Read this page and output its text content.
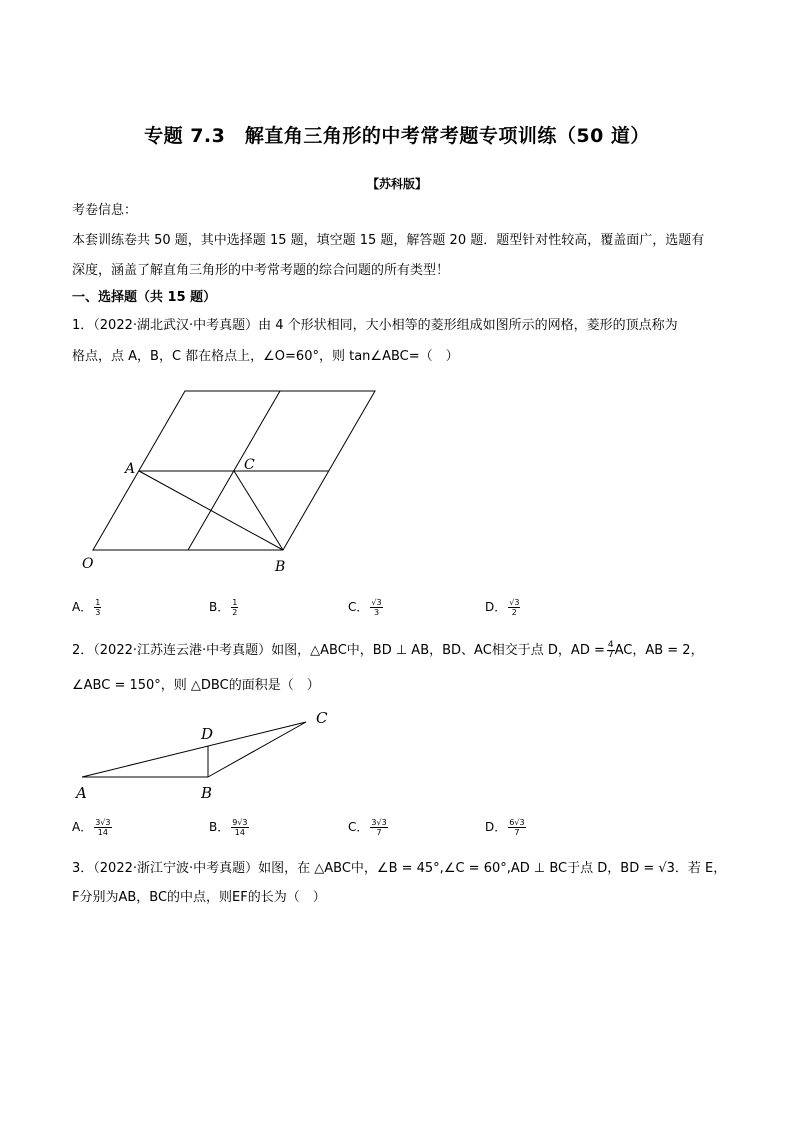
专题 7.3　解直角三角形的中考常考题专项训练（50 道）
【苏科版】
考卷信息：
本套训练卷共 50 题，其中选择题 15 题，填空题 15 题，解答题 20 题．题型针对性较高，覆盖面广，选题有
深度，涵盖了解直角三角形的中考常考题的综合问题的所有类型！
一、选择题（共 15 题）
1．（2022·湖北武汉·中考真题）由 4 个形状相同，大小相等的菱形组成如图所示的网格，菱形的顶点称为
格点，点 A，B，C 都在格点上，∠O=60°，则 tan∠ABC=（　）
A	C
O	B
A． $\frac{1}{3}$	B． $\frac{1}{2}$	C． $\frac{√3}{3}$	D． $\frac{√3}{2}$
2．（2022·江苏连云港·中考真题）如图，△ABC中，BD ⊥ AB，BD、AC相交于点 D，AD = $\frac{4}{7}$ AC，AB = 2，
∠ABC = 150°，则 △DBC的面积是（　）
A	B
C
D
A． $\frac{3√3}{14}$	B． $\frac{9√3}{14}$	C． $\frac{3√3}{7}$	D． $\frac{6√3}{7}$
3．（2022·浙江宁波·中考真题）如图，在 △ABC中，∠B = 45°,∠C = 60°,AD ⊥ BC于点 D，BD = √3．若 E，
F分别为AB，BC的中点，则EF的长为（　）
